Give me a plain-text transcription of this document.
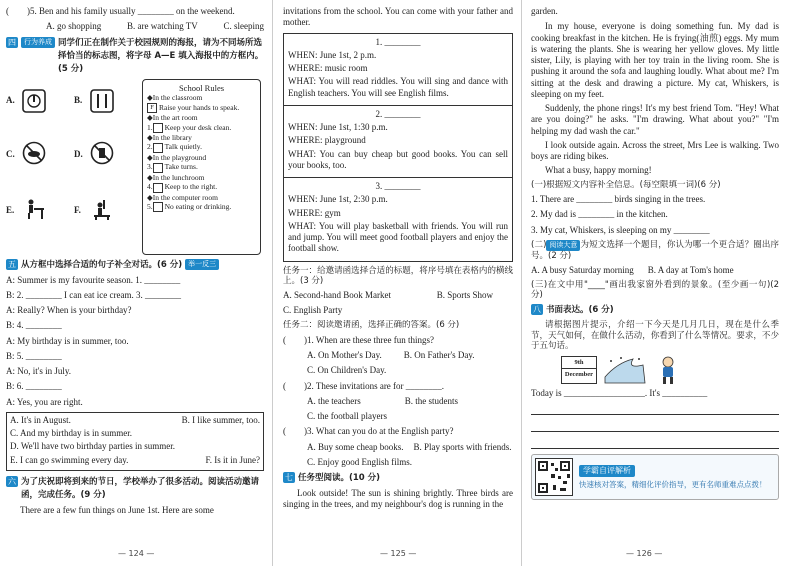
(　　)5. Ben and his family usually ________ on the weekend.
A. go shopping	B. are watching TV	C. sleeping
四	行为养成 同学们正在制作关于校园规则的海报，请为不同场所选择恰当的标志图，将字母 A—E 填入海报中的方框内。(5 分)
A.	B.
C.	D.
E.	F.
School Rules
◆In the classroom
F Raise your hands to speak.
◆In the art room
1. Keep your desk clean.
◆In the library
2. Talk quietly.
◆In the playground
3. Take turns.
◆In the lunchroom
4. Keep to the right.
◆In the computer room
5. No eating or drinking.
五 从方框中选择合适的句子补全对话。(6 分) 举一反三
A: Summer is my favourite season. 1. ________
B: 2. ________ I can eat ice cream. 3. ________
A: Really? When is your birthday?
B: 4. ________
A: My birthday is in summer, too.
B: 5. ________
A: No, it's in July.
B: 6. ________
A: Yes, you are right.
A. It's in August.	B. I like summer, too.
C. And my birthday is in summer.
D. We'll have two birthday parties in summer.
E. I can go swimming every day.	F. Is it in June?
六 为了庆祝即将到来的节日，学校举办了很多活动。阅读活动邀请函，完成任务。(9 分)
There are a few fun things on June 1st. Here are some
— 124 —
invitations from the school. You can come with your father and mother.
1. ________
WHEN: June 1st, 2 p.m.
WHERE: music room
WHAT: You will read riddles. You will sing and dance with English teachers. You will see English films.
2. ________
WHEN: June 1st, 1:30 p.m.
WHERE: playground
WHAT: You can buy cheap but good books. You can sell your books, too.
3. ________
WHEN: June 1st, 2:30 p.m.
WHERE: gym
WHAT: You will play basketball with friends. You will run and jump. You will meet good football players and enjoy the football show.
任务一：给邀请函选择合适的标题，将序号填在表格内的横线上。(3 分)
A. Second-hand Book Market	B. Sports Show
C. English Party
任务二：阅读邀请函，选择正确的答案。(6 分)
(　　)1. When are these three fun things?
A. On Mother's Day. B. On Father's Day.
C. On Children's Day.
(　　)2. These invitations are for ________.
A. the teachers	B. the students
C. the football players
(　　)3. What can you do at the English party?
A. Buy some cheap books. B. Play sports with friends.
C. Enjoy good English films.
七 任务型阅读。(10 分)
Look outside! The sun is shining brightly. Three birds are singing in the trees, and my neighbour's dog is running in the
— 125 —
garden.
In my house, everyone is doing something fun. My dad is cooking breakfast in the kitchen. He is frying(油煎) eggs. My mum is watering the plants. She is wearing her yellow gloves. My little sister, Lily, is playing with her toy train in the living room. She is pushing it around the sofa and laughing loudly. What about me? I'm sitting at the desk and drawing a picture. My cat, Whiskers, is sleeping on my feet.
Suddenly, the phone rings! It's my best friend Tom. "Hey! What are you doing?" he asks. "I'm drawing. What about you?" "I'm helping my dad wash the car."
I look outside again. Across the street, Mrs Lee is walking. Two boys are riding bikes.
What a busy, happy morning!
(一)根据短文内容补全信息。(每空限填一词)(6 分)
1. There are ________ birds singing in the trees.
2. My dad is ________ in the kitchen.
3. My cat, Whiskers, is sleeping on my ________
(二) 阅读大意 为短文选择一个题目，你认为哪一个更合适？圈出序号。(2 分)
A. A busy Saturday morning B. A day at Tom's home
(三)在文中用"____"画出我家窗外看到的景象。(至少画一句)(2 分)
八 书面表达。(6 分)
请根据图片提示，介绍一下今天是几月几日，现在是什么季节，天气如何，在做什么活动，你看到了什么等情况。要求，不少于五句话。
9th
December
Today is __________________. It's __________
学霸自评解析
快速核对答案，精细化评价指导，更有名师重难点点拨！
— 126 —
